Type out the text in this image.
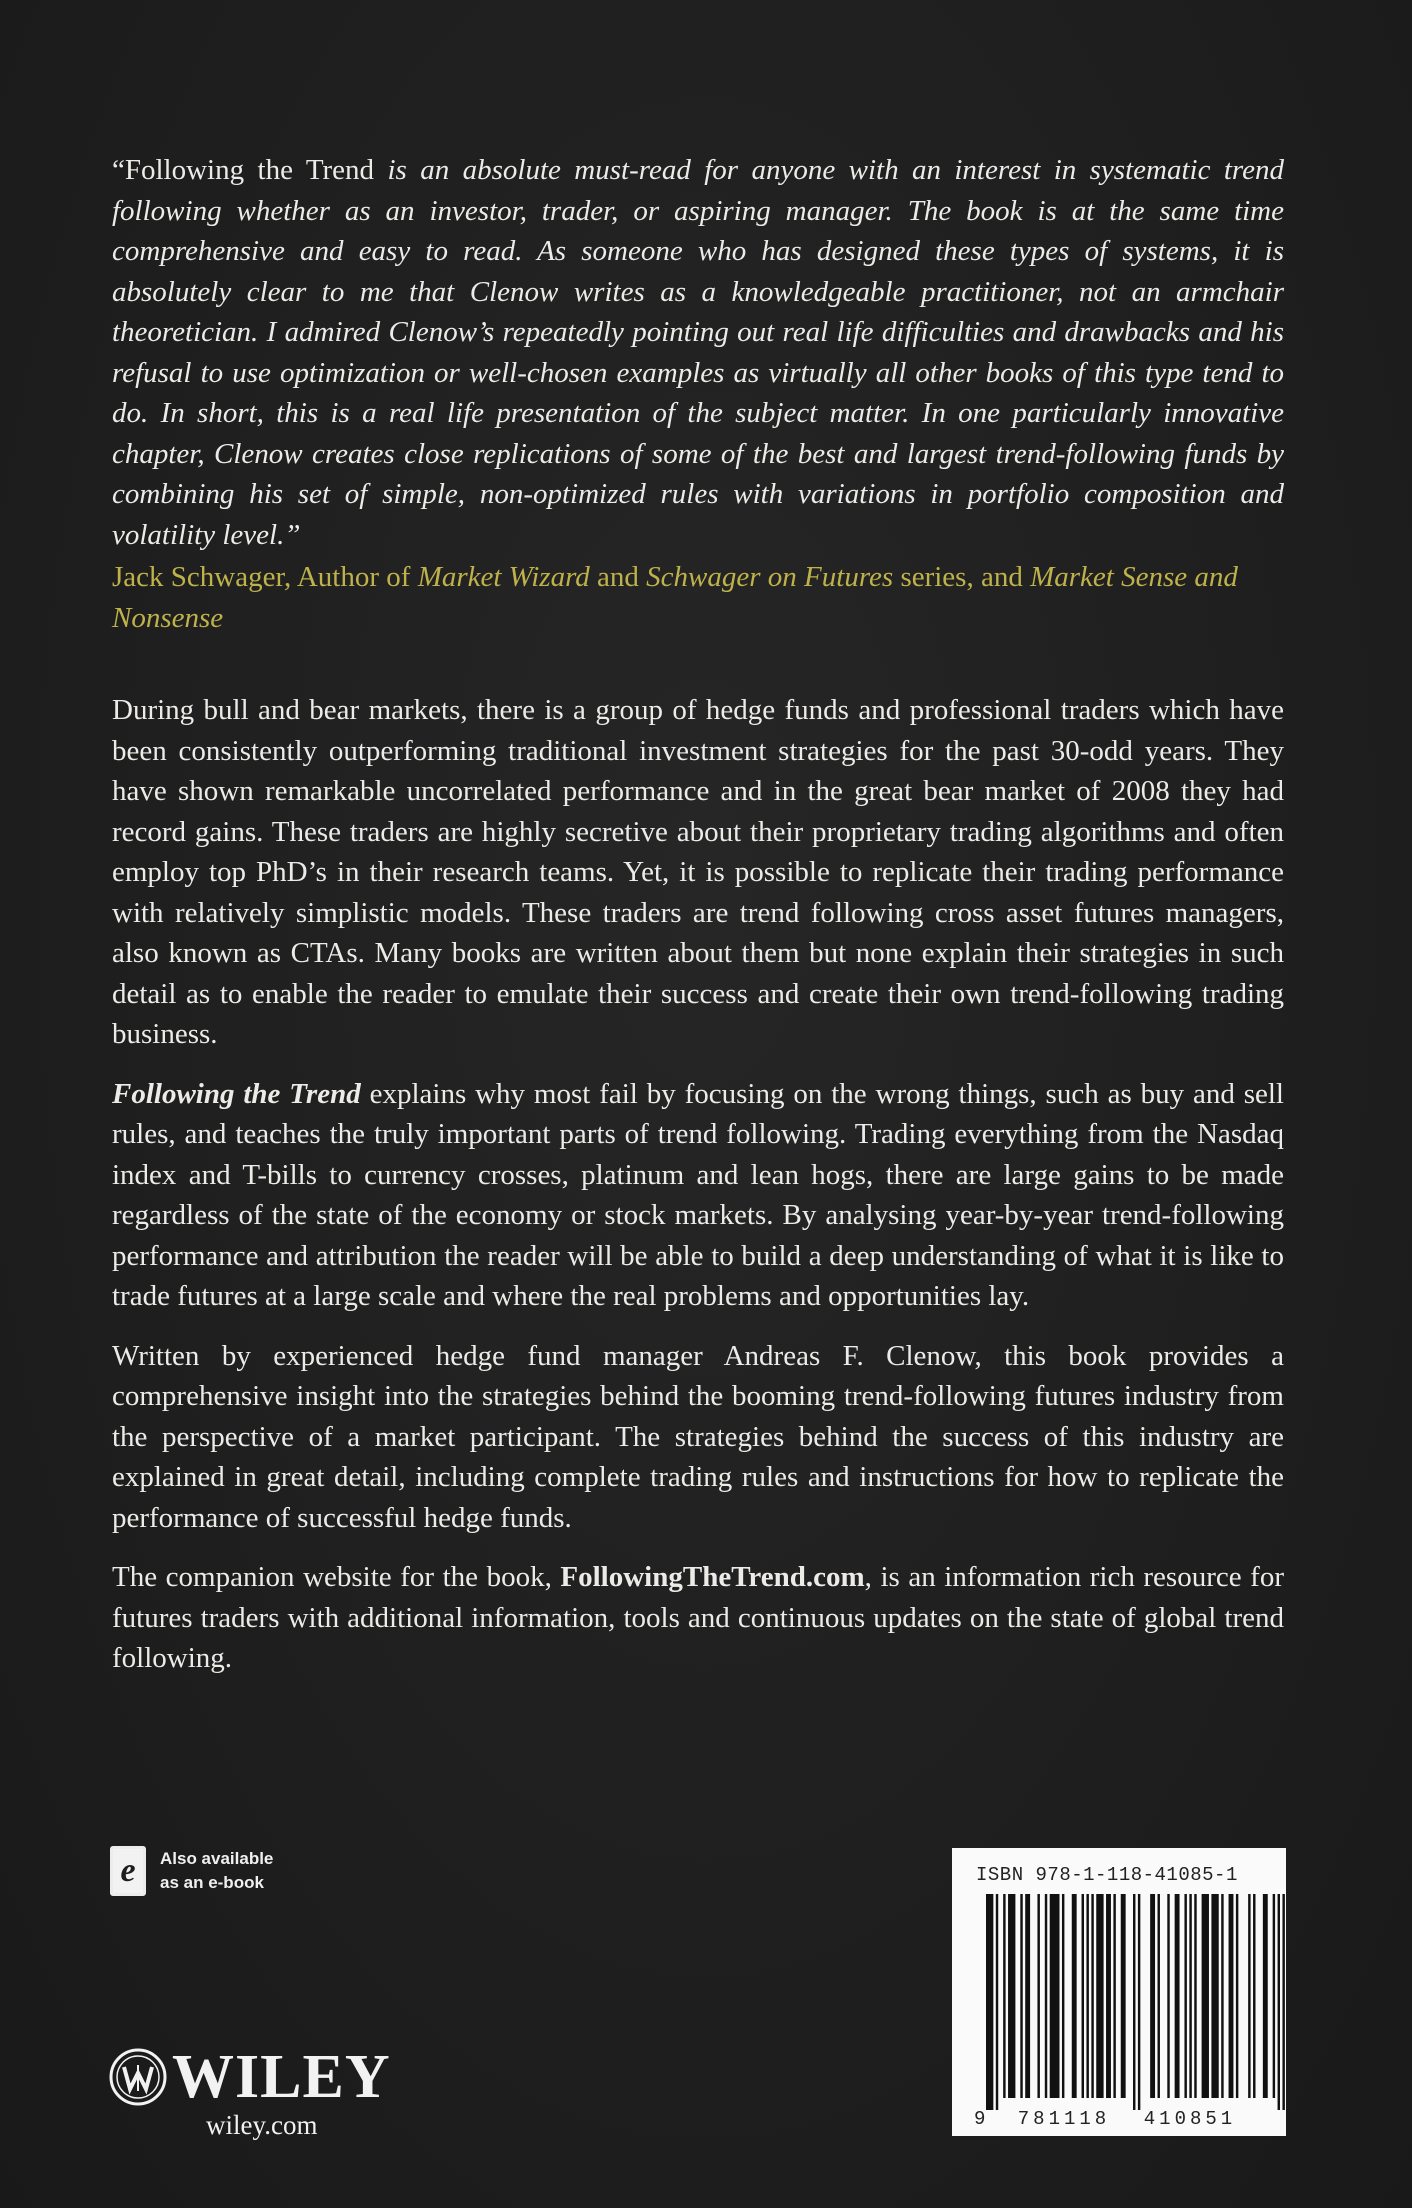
“Following the Trend is an absolute must-read for anyone with an interest in systematic trend following whether as an investor, trader, or aspiring manager. The book is at the same time comprehensive and easy to read. As someone who has designed these types of systems, it is absolutely clear to me that Clenow writes as a knowledgeable practitioner, not an armchair theoretician. I admired Clenow’s repeatedly pointing out real life difficulties and drawbacks and his refusal to use optimization or well-chosen examples as virtually all other books of this type tend to do. In short, this is a real life presentation of the subject matter. In one particularly innovative chapter, Clenow creates close replications of some of the best and largest trend-following funds by combining his set of simple, non-optimized rules with variations in portfolio composition and volatility level.”

Jack Schwager, Author of Market Wizard and Schwager on Futures series, and Market Sense and Nonsense

During bull and bear markets, there is a group of hedge funds and professional traders which have been consistently outperforming traditional investment strategies for the past 30-odd years. They have shown remarkable uncorrelated performance and in the great bear market of 2008 they had record gains. These traders are highly secretive about their proprietary trading algorithms and often employ top PhD’s in their research teams. Yet, it is possible to replicate their trading performance with relatively simplistic models. These traders are trend following cross asset futures managers, also known as CTAs. Many books are written about them but none explain their strategies in such detail as to enable the reader to emulate their success and create their own trend-following trading business.

Following the Trend explains why most fail by focusing on the wrong things, such as buy and sell rules, and teaches the truly important parts of trend following. Trading everything from the Nasdaq index and T-bills to currency crosses, platinum and lean hogs, there are large gains to be made regardless of the state of the economy or stock markets. By analysing year-by-year trend-following performance and attribution the reader will be able to build a deep understanding of what it is like to trade futures at a large scale and where the real problems and opportunities lay.

Written by experienced hedge fund manager Andreas F. Clenow, this book provides a comprehensive insight into the strategies behind the booming trend-following futures industry from the perspective of a market participant. The strategies behind the success of this industry are explained in great detail, including complete trading rules and instructions for how to replicate the performance of successful hedge funds.

The companion website for the book, FollowingTheTrend.com, is an information rich resource for futures traders with additional information, tools and continuous updates on the state of global trend following.

e	Also available
as an e-book
WILEY
wiley.com
ISBN 978-1-118-41085-1
9 781118 410851
